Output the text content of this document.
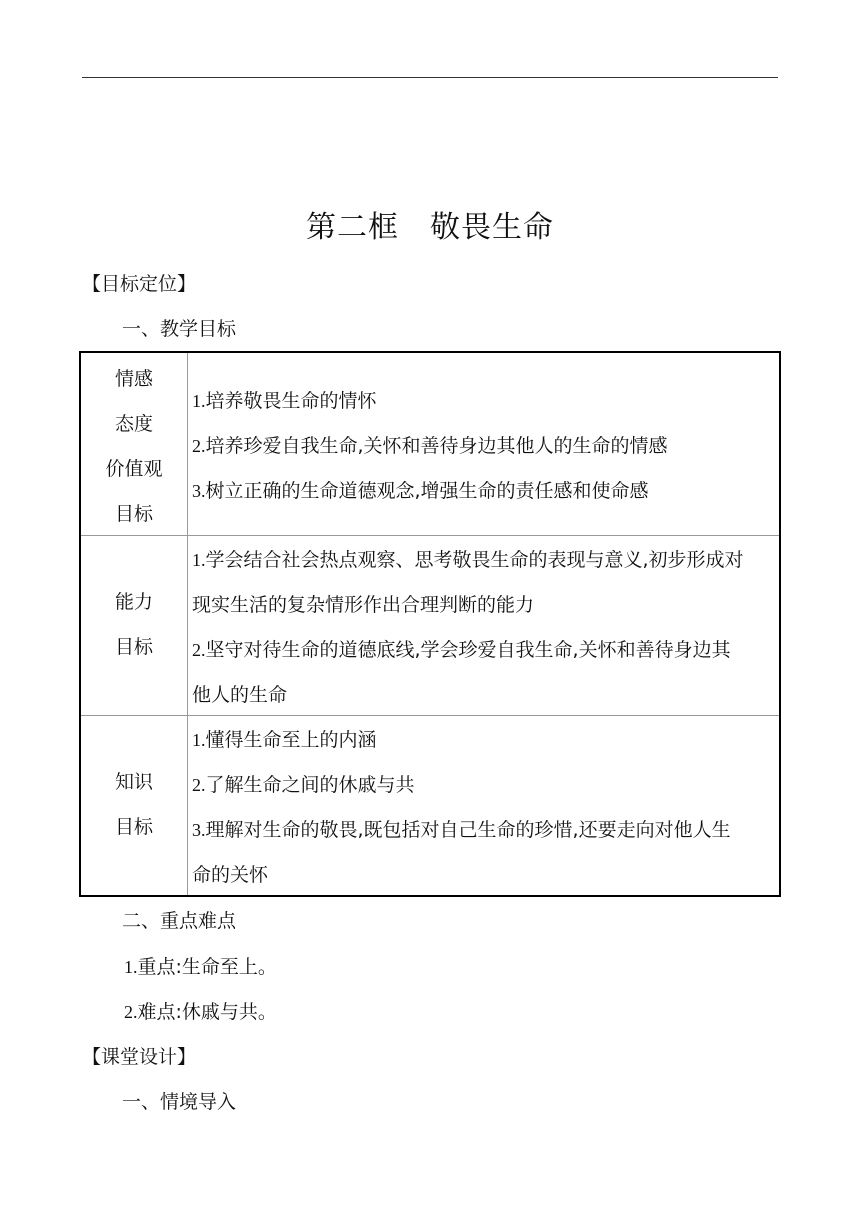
第二框　敬畏生命
【目标定位】
一、教学目标
情感
态度
价值观
目标
1.培养敬畏生命的情怀
2.培养珍爱自我生命,关怀和善待身边其他人的生命的情感
3.树立正确的生命道德观念,增强生命的责任感和使命感
能力
目标
1.学会结合社会热点观察、思考敬畏生命的表现与意义,初步形成对
现实生活的复杂情形作出合理判断的能力
2.坚守对待生命的道德底线,学会珍爱自我生命,关怀和善待身边其
他人的生命
知识
目标
1.懂得生命至上的内涵
2.了解生命之间的休戚与共
3.理解对生命的敬畏,既包括对自己生命的珍惜,还要走向对他人生
命的关怀
二、重点难点
1.重点:生命至上。
2.难点:休戚与共。
【课堂设计】
一、情境导入
